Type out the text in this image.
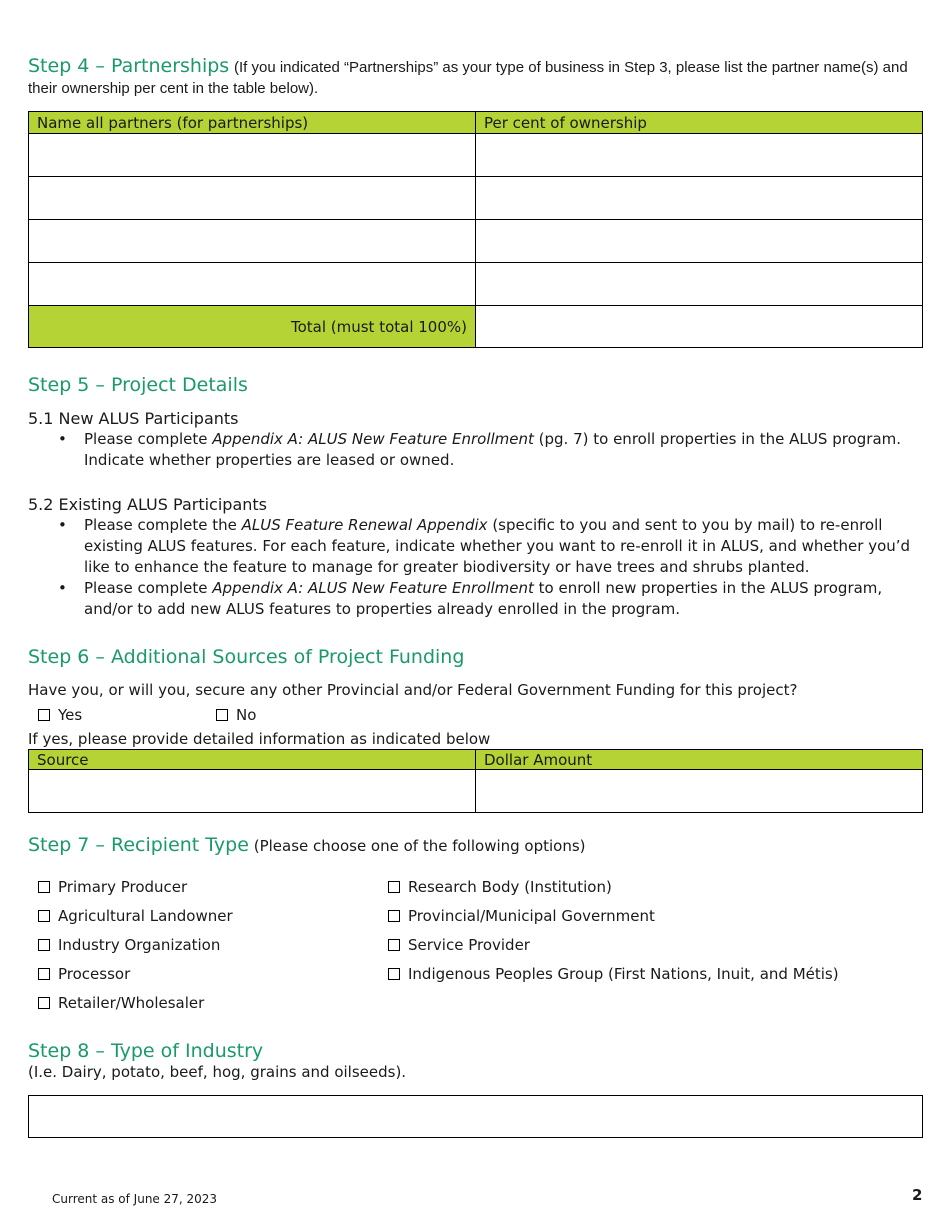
Step 4 – Partnerships (If you indicated “Partnerships” as your type of business in Step 3, please list the partner name(s) and their ownership per cent in the table below).
Name all partners (for partnerships)	Per cent of ownership

Total (must total 100%)	
Step 5 – Project Details
5.1 New ALUS Participants
• Please complete Appendix A: ALUS New Feature Enrollment (pg. 7) to enroll properties in the ALUS program. Indicate whether properties are leased or owned.
5.2 Existing ALUS Participants
• Please complete the ALUS Feature Renewal Appendix (specific to you and sent to you by mail) to re-enroll existing ALUS features. For each feature, indicate whether you want to re-enroll it in ALUS, and whether you’d like to enhance the feature to manage for greater biodiversity or have trees and shrubs planted.
• Please complete Appendix A: ALUS New Feature Enrollment to enroll new properties in the ALUS program, and/or to add new ALUS features to properties already enrolled in the program.
Step 6 – Additional Sources of Project Funding
Have you, or will you, secure any other Provincial and/or Federal Government Funding for this project?
Yes	No
If yes, please provide detailed information as indicated below
Source	Dollar Amount

Step 7 – Recipient Type (Please choose one of the following options)
Primary Producer
Agricultural Landowner
Industry Organization
Processor
Retailer/Wholesaler
Research Body (Institution)
Provincial/Municipal Government
Service Provider
Indigenous Peoples Group (First Nations, Inuit, and Métis)
Step 8 – Type of Industry
(I.e. Dairy, potato, beef, hog, grains and oilseeds).
Current as of June 27, 2023	2
